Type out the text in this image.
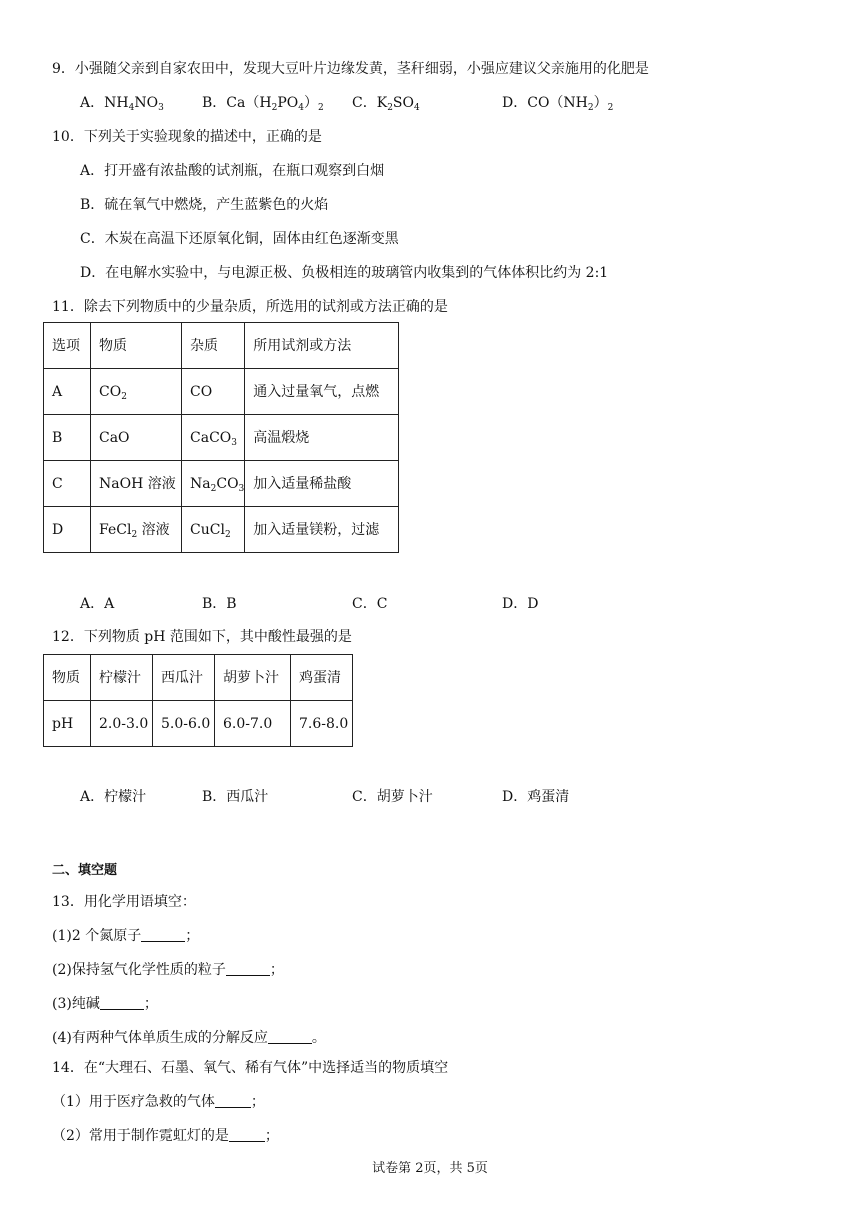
9．小强随父亲到自家农田中，发现大豆叶片边缘发黄，茎秆细弱，小强应建议父亲施用的化肥是
A．$NH_4NO_3$	B．$Ca(H_2PO_4)_2$ C．$K_2SO_4$	D．$CO(NH_2)_2$
10．下列关于实验现象的描述中，正确的是
A．打开盛有浓盐酸的试剂瓶，在瓶口观察到白烟
B．硫在氧气中燃烧，产生蓝紫色的火焰
C．木炭在高温下还原氧化铜，固体由红色逐渐变黑
D．在电解水实验中，与电源正极、负极相连的玻璃管内收集到的气体体积比约为 2:1
11．除去下列物质中的少量杂质，所选用的试剂或方法正确的是
选项	物质	杂质	所用试剂或方法
A	$CO_2$	CO	通入过量氧气，点燃
B	CaO	CaCO$_3$	高温煅烧
C	NaOH 溶液	$Na_2CO_3$	加入适量稀盐酸
D	FeCl$_2$ 溶液	CuCl$_2$	加入适量镁粉，过滤
A．A	B．B	C．C	D．D
12．下列物质 pH 范围如下，其中酸性最强的是
物质	柠檬汁	西瓜汁	胡萝卜汁	鸡蛋清
pH	2.0-3.0	5.0-6.0	6.0-7.0	7.6-8.0
A．柠檬汁	B．西瓜汁	C．胡萝卜汁	D．鸡蛋清
二、填空题
13．用化学用语填空：
(1)2 个氮原子	；
(2)保持氢气化学性质的粒子	；
(3)纯碱	；
(4)有两种气体单质生成的分解反应	。
14．在“大理石、石墨、氧气、稀有气体”中选择适当的物质填空
（1）用于医疗急救的气体	；
（2）常用于制作霓虹灯的是	；
试卷第 2页，共 5页
